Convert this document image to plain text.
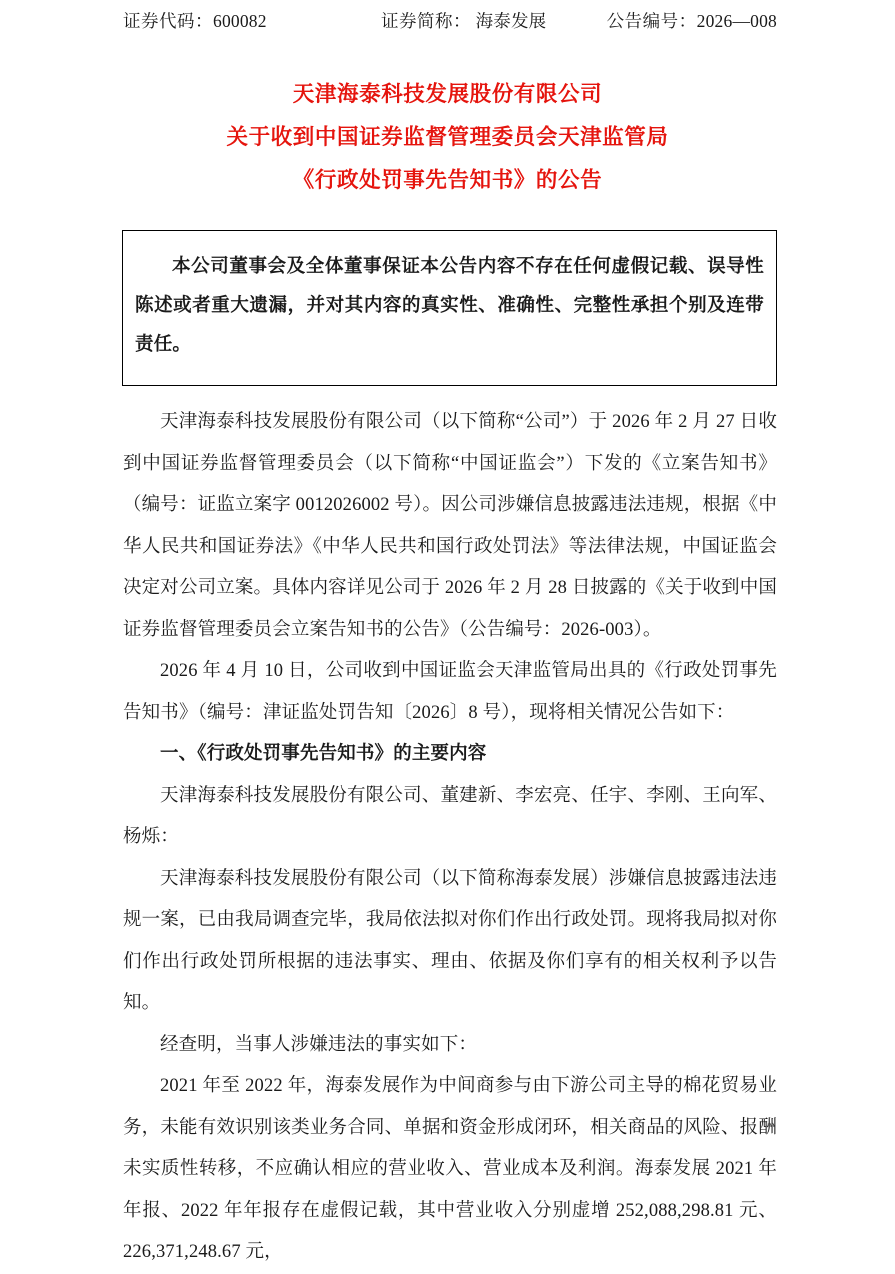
证券代码：600082	证券简称： 海泰发展	公告编号：2026—008
天津海泰科技发展股份有限公司
关于收到中国证券监督管理委员会天津监管局
《行政处罚事先告知书》的公告
本公司董事会及全体董事保证本公告内容不存在任何虚假记载、误导性陈述或者重大遗漏，并对其内容的真实性、准确性、完整性承担个别及连带责任。

天津海泰科技发展股份有限公司（以下简称“公司”）于 2026 年 2 月 27 日收到中国证券监督管理委员会（以下简称“中国证监会”）下发的《立案告知书》（编号：证监立案字 0012026002 号）。因公司涉嫌信息披露违法违规，根据《中华人民共和国证券法》《中华人民共和国行政处罚法》等法律法规，中国证监会决定对公司立案。具体内容详见公司于 2026 年 2 月 28 日披露的《关于收到中国证券监督管理委员会立案告知书的公告》（公告编号：2026-003）。

2026 年 4 月 10 日，公司收到中国证监会天津监管局出具的《行政处罚事先告知书》（编号：津证监处罚告知〔2026〕8 号），现将相关情况公告如下：

一、《行政处罚事先告知书》的主要内容

天津海泰科技发展股份有限公司、董建新、李宏亮、任宇、李刚、王向军、杨烁：

天津海泰科技发展股份有限公司（以下简称海泰发展）涉嫌信息披露违法违规一案，已由我局调查完毕，我局依法拟对你们作出行政处罚。现将我局拟对你们作出行政处罚所根据的违法事实、理由、依据及你们享有的相关权利予以告知。

经查明，当事人涉嫌违法的事实如下：

2021 年至 2022 年，海泰发展作为中间商参与由下游公司主导的棉花贸易业务，未能有效识别该类业务合同、单据和资金形成闭环，相关商品的风险、报酬未实质性转移，不应确认相应的营业收入、营业成本及利润。海泰发展 2021 年年报、2022 年年报存在虚假记载，其中营业收入分别虚增 252,088,298.81 元、226,371,248.67 元，
